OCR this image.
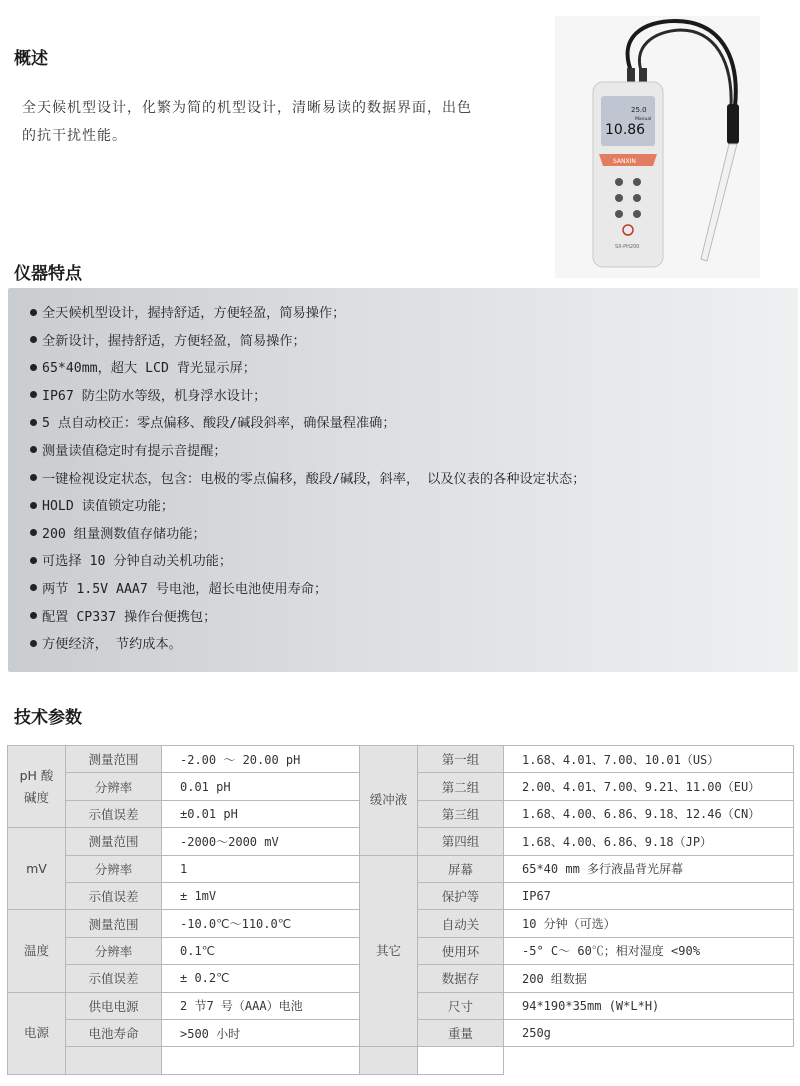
概述
全天候机型设计，化繁为简的机型设计，清晰易读的数据界面，出色的抗干扰性能。
25.0
Manual
10.86
SANXIN
SX-PH200
仪器特点
全天候机型设计，握持舒适，方便轻盈，简易操作；
全新设计，握持舒适，方便轻盈，简易操作；
65*40mm，超大 LCD 背光显示屏；
IP67 防尘防水等级，机身浮水设计；
5 点自动校正：零点偏移、酸段/碱段斜率，确保量程准确；
测量读值稳定时有提示音提醒；
一键检视设定状态，包含：电极的零点偏移，酸段/碱段，斜率， 以及仪表的各种设定状态；
HOLD 读值锁定功能；
200 组量测数值存储功能；
可选择 10 分钟自动关机功能；
两节 1.5V AAA7 号电池，超长电池使用寿命；
配置 CP337 操作台便携包；
方便经济， 节约成本。
技术参数
pH 酸碱度	测量范围	-2.00 ～ 20.00 pH	缓冲液	第一组	1.68、4.01、7.00、10.01（US）
	分辨率	0.01 pH		第二组	2.00、4.01、7.00、9.21、11.00（EU）
	示值误差	±0.01 pH		第三组	1.68、4.00、6.86、9.18、12.46（CN）
mV	测量范围	-2000～2000 mV		第四组	1.68、4.00、6.86、9.18（JP）
	分辨率	1	其它	屏幕	65*40 mm 多行液晶背光屏幕
	示值误差	± 1mV		保护等	IP67
温度	测量范围	-10.0℃～110.0℃		自动关	10 分钟（可选）
	分辨率	0.1℃		使用环	-5° C～ 60℃；相对湿度 <90%
	示值误差	± 0.2℃		数据存	200 组数据
电源	供电电源	2 节7 号（AAA）电池		尺寸	94*190*35mm (W*L*H)
	电池寿命	>500 小时		重量	250g
